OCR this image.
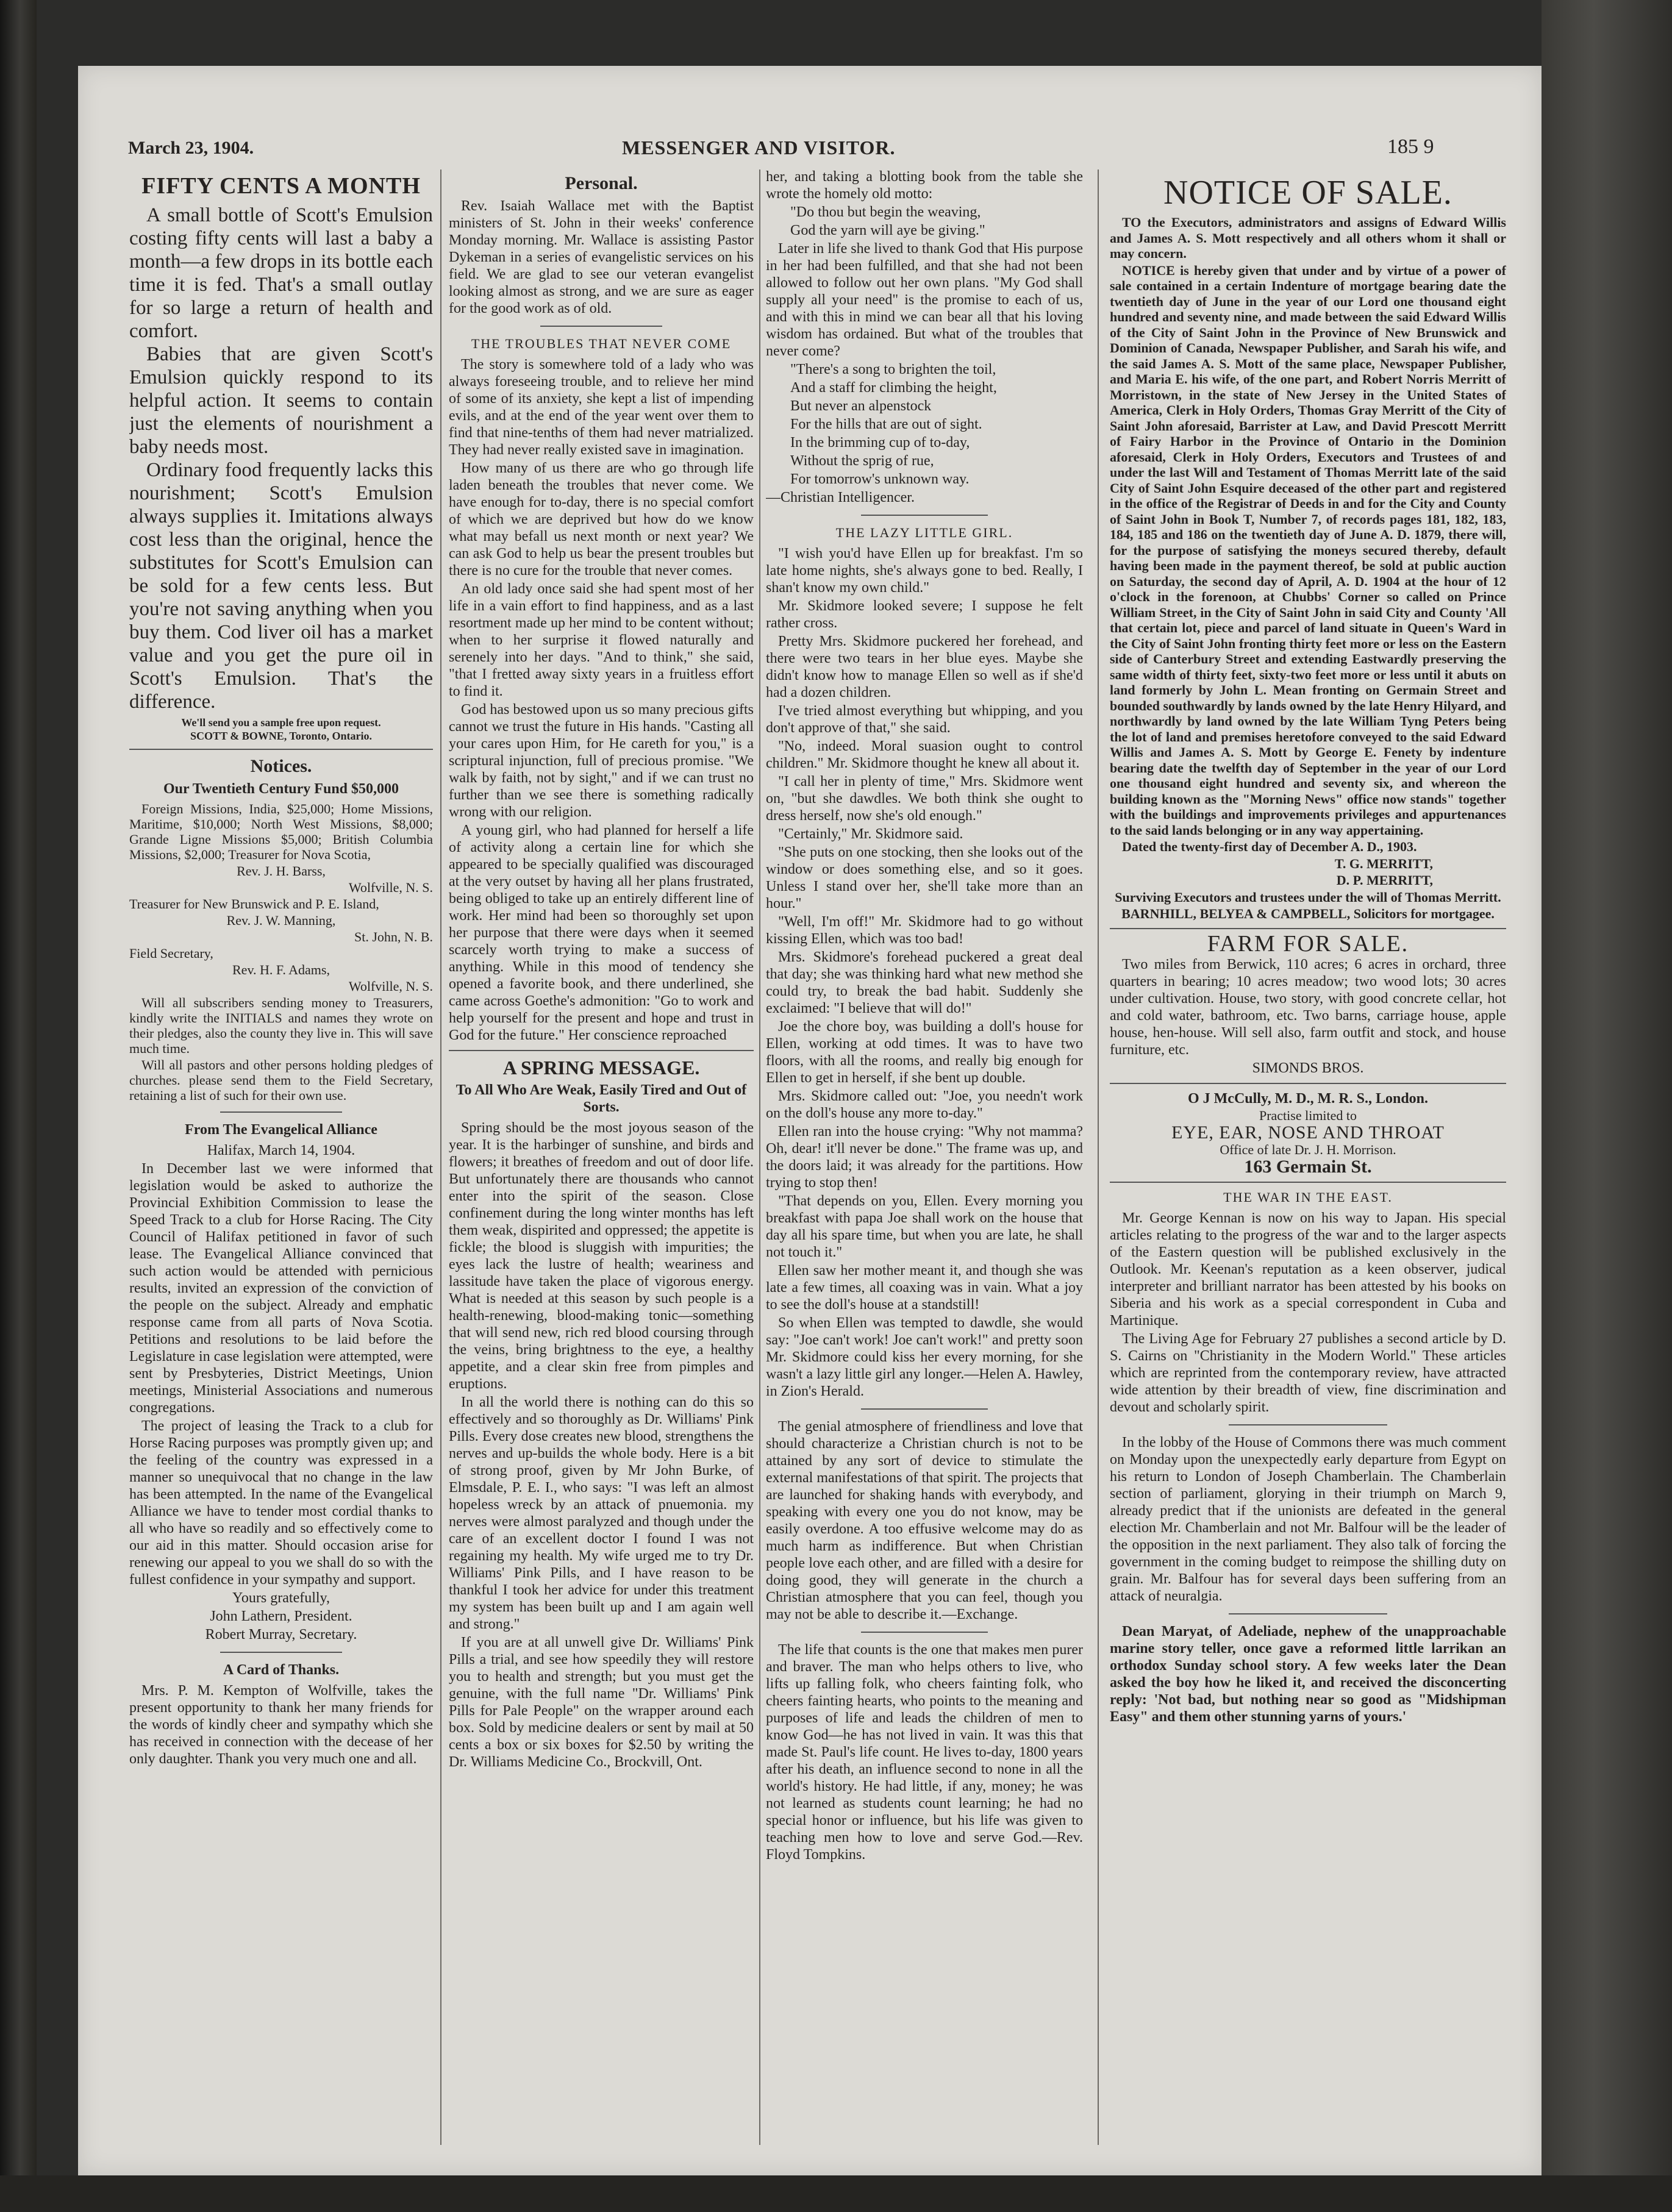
March 23, 1904.	MESSENGER AND VISITOR.	185 9
FIFTY CENTS A MONTH

A small bottle of Scott's Emulsion costing fifty cents will last a baby a month—a few drops in its bottle each time it is fed. That's a small outlay for so large a return of health and comfort.

Babies that are given Scott's Emulsion quickly respond to its helpful action. It seems to contain just the elements of nourishment a baby needs most.

Ordinary food frequently lacks this nourishment; Scott's Emulsion always supplies it. Imitations always cost less than the original, hence the substitutes for Scott's Emulsion can be sold for a few cents less. But you're not saving anything when you buy them. Cod liver oil has a market value and you get the pure oil in Scott's Emulsion. That's the difference.

We'll send you a sample free upon request.

SCOTT & BOWNE, Toronto, Ontario.

Notices.
Our Twentieth Century Fund $50,000

Foreign Missions, India, $25,000; Home Missions, Maritime, $10,000; North West Missions, $8,000; Grande Ligne Missions $5,000; British Columbia Missions, $2,000; Treasurer for Nova Scotia,

Rev. J. H. Barss,

Wolfville, N. S.

Treasurer for New Brunswick and P. E. Island,

Rev. J. W. Manning,

St. John, N. B.

Field Secretary,

Rev. H. F. Adams,

Wolfville, N. S.

Will all subscribers sending money to Treasurers, kindly write the INITIALS and names they wrote on their pledges, also the county they live in. This will save much time.

Will all pastors and other persons holding pledges of churches. please send them to the Field Secretary, retaining a list of such for their own use.

From The Evangelical Alliance

Halifax, March 14, 1904.

In December last we were informed that legislation would be asked to authorize the Provincial Exhibition Commission to lease the Speed Track to a club for Horse Racing. The City Council of Halifax petitioned in favor of such lease. The Evangelical Alliance convinced that such action would be attended with pernicious results, invited an expression of the conviction of the people on the subject. Already and emphatic response came from all parts of Nova Scotia. Petitions and resolutions to be laid before the Legislature in case legislation were attempted, were sent by Presbyteries, District Meetings, Union meetings, Ministerial Associations and numerous congregations.

The project of leasing the Track to a club for Horse Racing purposes was promptly given up; and the feeling of the country was expressed in a manner so unequivocal that no change in the law has been attempted. In the name of the Evangelical Alliance we have to tender most cordial thanks to all who have so readily and so effectively come to our aid in this matter. Should occasion arise for renewing our appeal to you we shall do so with the fullest confidence in your sympathy and support.

Yours gratefully,

John Lathern, President.

Robert Murray, Secretary.

A Card of Thanks.

Mrs. P. M. Kempton of Wolfville, takes the present opportunity to thank her many friends for the words of kindly cheer and sympathy which she has received in connection with the decease of her only daughter. Thank you very much one and all.

Personal.

Rev. Isaiah Wallace met with the Baptist ministers of St. John in their weeks' conference Monday morning. Mr. Wallace is assisting Pastor Dykeman in a series of evangelistic services on his field. We are glad to see our veteran evangelist looking almost as strong, and we are sure as eager for the good work as of old.

THE TROUBLES THAT NEVER COME

The story is somewhere told of a lady who was always foreseeing trouble, and to relieve her mind of some of its anxiety, she kept a list of impending evils, and at the end of the year went over them to find that nine-tenths of them had never matrialized. They had never really existed save in imagination.

How many of us there are who go through life laden beneath the troubles that never come. We have enough for to-day, there is no special comfort of which we are deprived but how do we know what may befall us next month or next year? We can ask God to help us bear the present troubles but there is no cure for the trouble that never comes.

An old lady once said she had spent most of her life in a vain effort to find happiness, and as a last resortment made up her mind to be content without; when to her surprise it flowed naturally and serenely into her days. "And to think," she said, "that I fretted away sixty years in a fruitless effort to find it.

God has bestowed upon us so many precious gifts cannot we trust the future in His hands. "Casting all your cares upon Him, for He careth for you," is a scriptural injunction, full of precious promise. "We walk by faith, not by sight," and if we can trust no further than we see there is something radically wrong with our religion.

A young girl, who had planned for herself a life of activity along a certain line for which she appeared to be specially qualified was discouraged at the very outset by having all her plans frustrated, being obliged to take up an entirely different line of work. Her mind had been so thoroughly set upon her purpose that there were days when it seemed scarcely worth trying to make a success of anything. While in this mood of tendency she opened a favorite book, and there underlined, she came across Goethe's admonition: "Go to work and help yourself for the present and hope and trust in God for the future." Her conscience reproached

A SPRING MESSAGE.
To All Who Are Weak, Easily Tired and Out of Sorts.

Spring should be the most joyous season of the year. It is the harbinger of sunshine, and birds and flowers; it breathes of freedom and out of door life. But unfortunately there are thousands who cannot enter into the spirit of the season. Close confinement during the long winter months has left them weak, dispirited and oppressed; the appetite is fickle; the blood is sluggish with impurities; the eyes lack the lustre of health; weariness and lassitude have taken the place of vigorous energy. What is needed at this season by such people is a health-renewing, blood-making tonic—something that will send new, rich red blood coursing through the veins, bring brightness to the eye, a healthy appetite, and a clear skin free from pimples and eruptions.

In all the world there is nothing can do this so effectively and so thoroughly as Dr. Williams' Pink Pills. Every dose creates new blood, strengthens the nerves and up-builds the whole body. Here is a bit of strong proof, given by Mr John Burke, of Elmsdale, P. E. I., who says: "I was left an almost hopeless wreck by an attack of pnuemonia. my nerves were almost paralyzed and though under the care of an excellent doctor I found I was not regaining my health. My wife urged me to try Dr. Williams' Pink Pills, and I have reason to be thankful I took her advice for under this treatment my system has been built up and I am again well and strong."

If you are at all unwell give Dr. Williams' Pink Pills a trial, and see how speedily they will restore you to health and strength; but you must get the genuine, with the full name "Dr. Williams' Pink Pills for Pale People" on the wrapper around each box. Sold by medicine dealers or sent by mail at 50 cents a box or six boxes for $2.50 by writing the Dr. Williams Medicine Co., Brockvill, Ont.

her, and taking a blotting book from the table she wrote the homely old motto:

"Do thou but begin the weaving,

God the yarn will aye be giving."

Later in life she lived to thank God that His purpose in her had been fulfilled, and that she had not been allowed to follow out her own plans. "My God shall supply all your need" is the promise to each of us, and with this in mind we can bear all that his loving wisdom has ordained. But what of the troubles that never come?

"There's a song to brighten the toil,

And a staff for climbing the height,

But never an alpenstock

For the hills that are out of sight.

In the brimming cup of to-day,

Without the sprig of rue,

For tomorrow's unknown way.

—Christian Intelligencer.

THE LAZY LITTLE GIRL.

"I wish you'd have Ellen up for breakfast. I'm so late home nights, she's always gone to bed. Really, I shan't know my own child."

Mr. Skidmore looked severe; I suppose he felt rather cross.

Pretty Mrs. Skidmore puckered her forehead, and there were two tears in her blue eyes. Maybe she didn't know how to manage Ellen so well as if she'd had a dozen children.

I've tried almost everything but whipping, and you don't approve of that," she said.

"No, indeed. Moral suasion ought to control children." Mr. Skidmore thought he knew all about it.

"I call her in plenty of time," Mrs. Skidmore went on, "but she dawdles. We both think she ought to dress herself, now she's old enough."

"Certainly," Mr. Skidmore said.

"She puts on one stocking, then she looks out of the window or does something else, and so it goes. Unless I stand over her, she'll take more than an hour."

"Well, I'm off!" Mr. Skidmore had to go without kissing Ellen, which was too bad!

Mrs. Skidmore's forehead puckered a great deal that day; she was thinking hard what new method she could try, to break the bad habit. Suddenly she exclaimed: "I believe that will do!"

Joe the chore boy, was building a doll's house for Ellen, working at odd times. It was to have two floors, with all the rooms, and really big enough for Ellen to get in herself, if she bent up double.

Mrs. Skidmore called out: "Joe, you needn't work on the doll's house any more to-day."

Ellen ran into the house crying: "Why not mamma? Oh, dear! it'll never be done." The frame was up, and the doors laid; it was already for the partitions. How trying to stop then!

"That depends on you, Ellen. Every morning you breakfast with papa Joe shall work on the house that day all his spare time, but when you are late, he shall not touch it."

Ellen saw her mother meant it, and though she was late a few times, all coaxing was in vain. What a joy to see the doll's house at a standstill!

So when Ellen was tempted to dawdle, she would say: "Joe can't work! Joe can't work!" and pretty soon Mr. Skidmore could kiss her every morning, for she wasn't a lazy little girl any longer.—Helen A. Hawley, in Zion's Herald.

The genial atmosphere of friendliness and love that should characterize a Christian church is not to be attained by any sort of device to stimulate the external manifestations of that spirit. The projects that are launched for shaking hands with everybody, and speaking with every one you do not know, may be easily overdone. A too effusive welcome may do as much harm as indifference. But when Christian people love each other, and are filled with a desire for doing good, they will generate in the church a Christian atmosphere that you can feel, though you may not be able to describe it.—Exchange.

The life that counts is the one that makes men purer and braver. The man who helps others to live, who lifts up falling folk, who cheers fainting folk, who cheers fainting hearts, who points to the meaning and purposes of life and leads the children of men to know God—he has not lived in vain. It was this that made St. Paul's life count. He lives to-day, 1800 years after his death, an influence second to none in all the world's history. He had little, if any, money; he was not learned as students count learning; he had no special honor or influence, but his life was given to teaching men how to love and serve God.—Rev. Floyd Tompkins.

NOTICE OF SALE.

TO the Executors, administrators and assigns of Edward Willis and James A. S. Mott respectively and all others whom it shall or may concern.

NOTICE is hereby given that under and by virtue of a power of sale contained in a certain Indenture of mortgage bearing date the twentieth day of June in the year of our Lord one thousand eight hundred and seventy nine, and made between the said Edward Willis of the City of Saint John in the Province of New Brunswick and Dominion of Canada, Newspaper Publisher, and Sarah his wife, and the said James A. S. Mott of the same place, Newspaper Publisher, and Maria E. his wife, of the one part, and Robert Norris Merritt of Morristown, in the state of New Jersey in the United States of America, Clerk in Holy Orders, Thomas Gray Merritt of the City of Saint John aforesaid, Barrister at Law, and David Prescott Merritt of Fairy Harbor in the Province of Ontario in the Dominion aforesaid, Clerk in Holy Orders, Executors and Trustees of and under the last Will and Testament of Thomas Merritt late of the said City of Saint John Esquire deceased of the other part and registered in the office of the Registrar of Deeds in and for the City and County of Saint John in Book T, Number 7, of records pages 181, 182, 183, 184, 185 and 186 on the twentieth day of June A. D. 1879, there will, for the purpose of satisfying the moneys secured thereby, default having been made in the payment thereof, be sold at public auction on Saturday, the second day of April, A. D. 1904 at the hour of 12 o'clock in the forenoon, at Chubbs' Corner so called on Prince William Street, in the City of Saint John in said City and County 'All that certain lot, piece and parcel of land situate in Queen's Ward in the City of Saint John fronting thirty feet more or less on the Eastern side of Canterbury Street and extending Eastwardly preserving the same width of thirty feet, sixty-two feet more or less until it abuts on land formerly by John L. Mean fronting on Germain Street and bounded southwardly by lands owned by the late Henry Hilyard, and northwardly by land owned by the late William Tyng Peters being the lot of land and premises heretofore conveyed to the said Edward Willis and James A. S. Mott by George E. Fenety by indenture bearing date the twelfth day of September in the year of our Lord one thousand eight hundred and seventy six, and whereon the building known as the "Morning News" office now stands" together with the buildings and improvements privileges and appurtenances to the said lands belonging or in any way appertaining.

Dated the twenty-first day of December A. D., 1903.

T. G. MERRITT,

D. P. MERRITT,

Surviving Executors and trustees under the will of Thomas Merritt.

BARNHILL, BELYEA & CAMPBELL, Solicitors for mortgagee.

FARM FOR SALE.

Two miles from Berwick, 110 acres; 6 acres in orchard, three quarters in bearing; 10 acres meadow; two wood lots; 30 acres under cultivation. House, two story, with good concrete cellar, hot and cold water, bathroom, etc. Two barns, carriage house, apple house, hen-house. Will sell also, farm outfit and stock, and house furniture, etc.

SIMONDS BROS.

O J McCully, M. D., M. R. S., London.
Practise limited to
EYE, EAR, NOSE AND THROAT
Office of late Dr. J. H. Morrison.
163 Germain St.
THE WAR IN THE EAST.

Mr. George Kennan is now on his way to Japan. His special articles relating to the progress of the war and to the larger aspects of the Eastern question will be published exclusively in the Outlook. Mr. Keenan's reputation as a keen observer, judical interpreter and brilliant narrator has been attested by his books on Siberia and his work as a special correspondent in Cuba and Martinique.

The Living Age for February 27 publishes a second article by D. S. Cairns on "Christianity in the Modern World." These articles which are reprinted from the contemporary review, have attracted wide attention by their breadth of view, fine discrimination and devout and scholarly spirit.

In the lobby of the House of Commons there was much comment on Monday upon the unexpectedly early departure from Egypt on his return to London of Joseph Chamberlain. The Chamberlain section of parliament, glorying in their triumph on March 9, already predict that if the unionists are defeated in the general election Mr. Chamberlain and not Mr. Balfour will be the leader of the opposition in the next parliament. They also talk of forcing the government in the coming budget to reimpose the shilling duty on grain. Mr. Balfour has for several days been suffering from an attack of neuralgia.

Dean Maryat, of Adeliade, nephew of the unapproachable marine story teller, once gave a reformed little larrikan an orthodox Sunday school story. A few weeks later the Dean asked the boy how he liked it, and received the disconcerting reply: 'Not bad, but nothing near so good as "Midshipman Easy" and them other stunning yarns of yours.'
